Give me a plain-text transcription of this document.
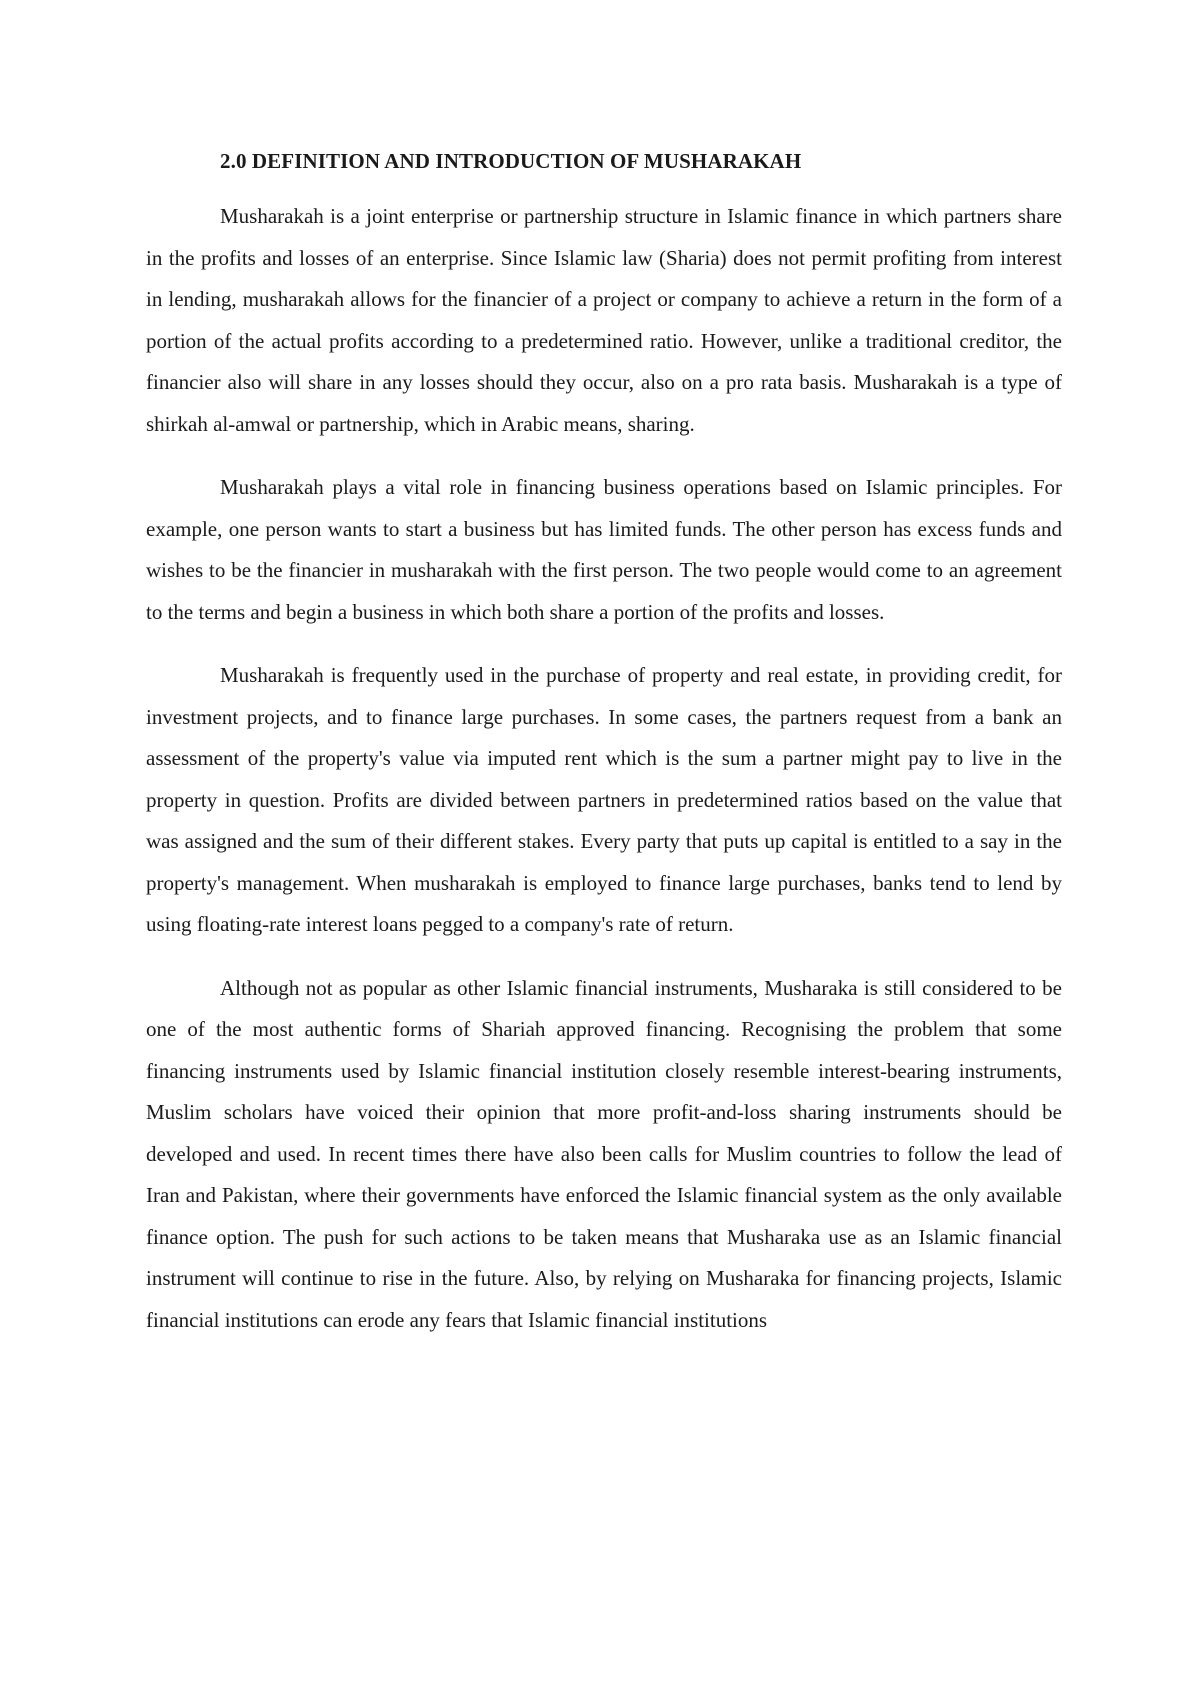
2.0 DEFINITION AND INTRODUCTION OF MUSHARAKAH

Musharakah is a joint enterprise or partnership structure in Islamic finance in which partners share in the profits and losses of an enterprise. Since Islamic law (Sharia) does not permit profiting from interest in lending, musharakah allows for the financier of a project or company to achieve a return in the form of a portion of the actual profits according to a predetermined ratio. However, unlike a traditional creditor, the financier also will share in any losses should they occur, also on a pro rata basis. Musharakah is a type of shirkah al-amwal or partnership, which in Arabic means, sharing.

Musharakah plays a vital role in financing business operations based on Islamic principles. For example, one person wants to start a business but has limited funds. The other person has excess funds and wishes to be the financier in musharakah with the first person. The two people would come to an agreement to the terms and begin a business in which both share a portion of the profits and losses.

Musharakah is frequently used in the purchase of property and real estate, in providing credit, for investment projects, and to finance large purchases. In some cases, the partners request from a bank an assessment of the property's value via imputed rent which is the sum a partner might pay to live in the property in question. Profits are divided between partners in predetermined ratios based on the value that was assigned and the sum of their different stakes. Every party that puts up capital is entitled to a say in the property's management. When musharakah is employed to finance large purchases, banks tend to lend by using floating-rate interest loans pegged to a company's rate of return.

Although not as popular as other Islamic financial instruments, Musharaka is still considered to be one of the most authentic forms of Shariah approved financing. Recognising the problem that some financing instruments used by Islamic financial institution closely resemble interest-bearing instruments, Muslim scholars have voiced their opinion that more profit-and-loss sharing instruments should be developed and used. In recent times there have also been calls for Muslim countries to follow the lead of Iran and Pakistan, where their governments have enforced the Islamic financial system as the only available finance option. The push for such actions to be taken means that Musharaka use as an Islamic financial instrument will continue to rise in the future. Also, by relying on Musharaka for financing projects, Islamic financial institutions can erode any fears that Islamic financial institutions
